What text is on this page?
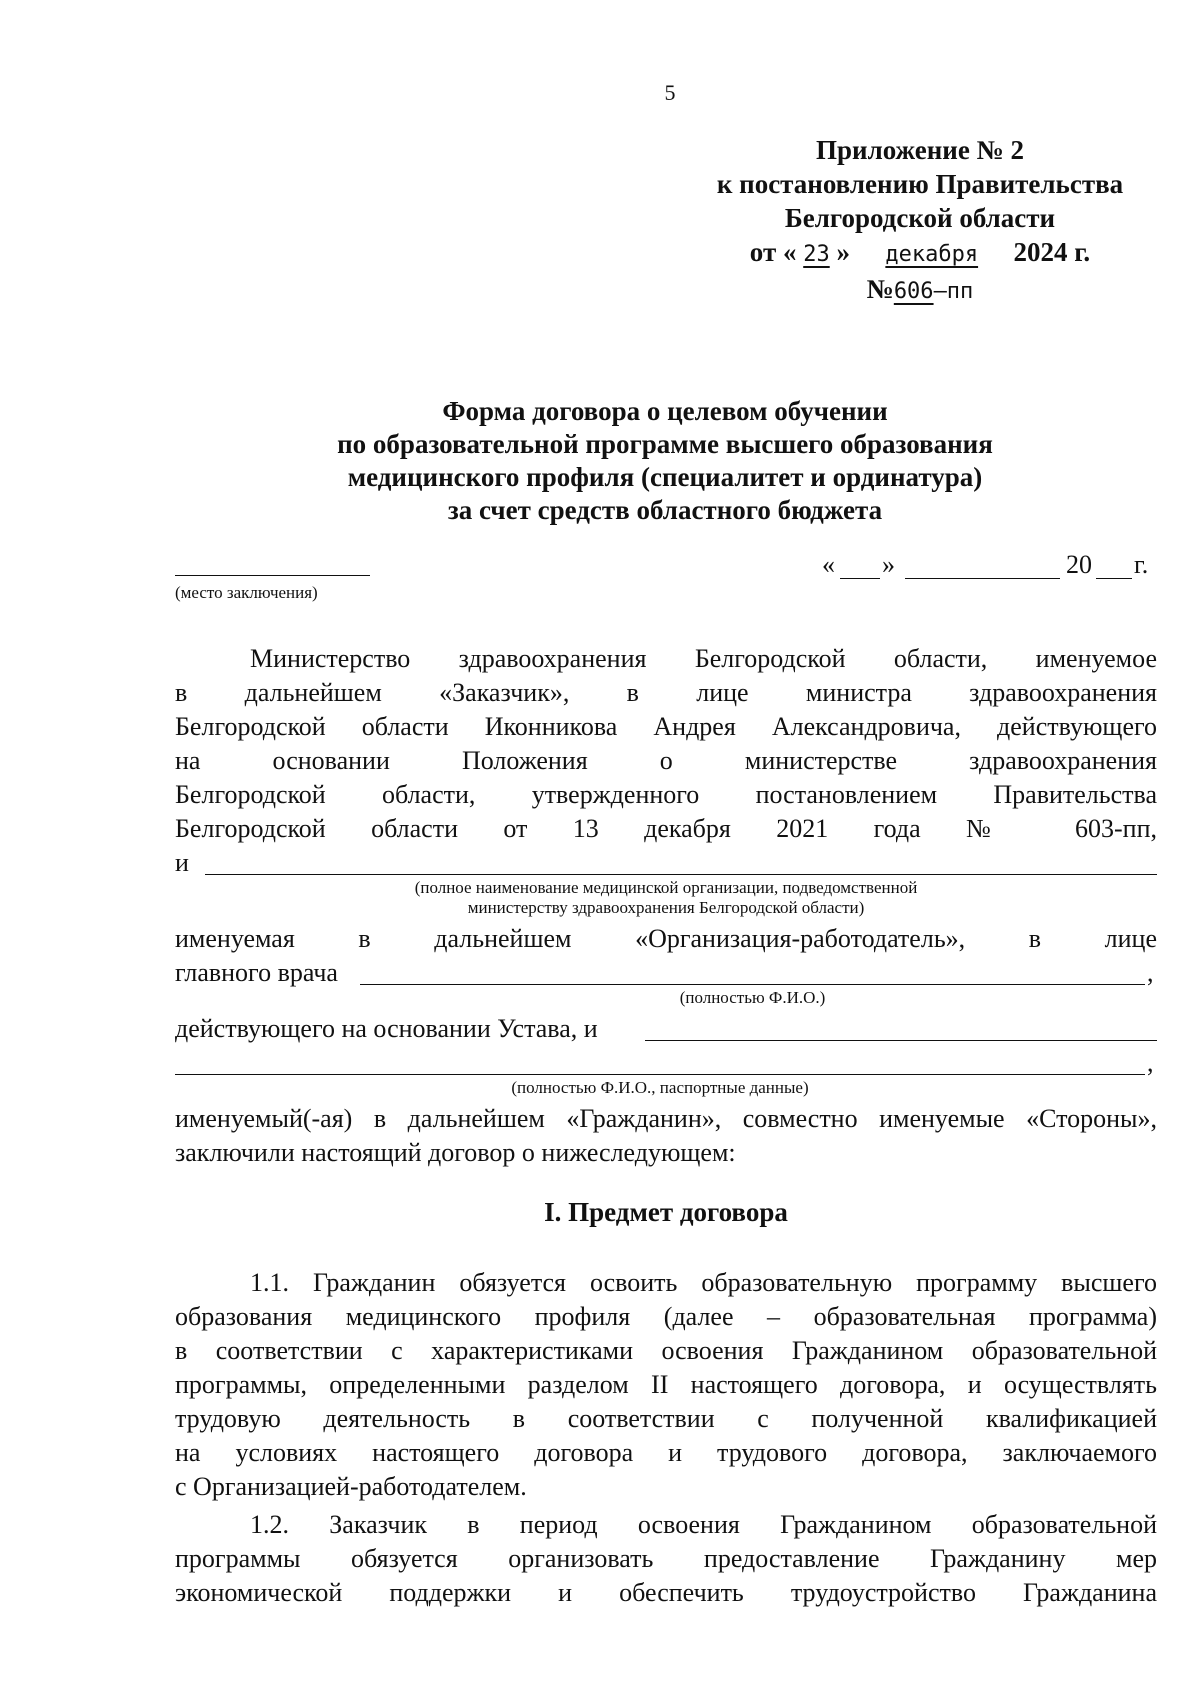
5
Приложение № 2
к постановлению Правительства
Белгородской области
от « 23 » декабря 2024 г.
№606–пп
Форма договора о целевом обучении
по образовательной программе высшего образования
медицинского профиля (специалитет и ординатура)
за счет средств областного бюджета
(место заключения)
« »	20 г.
Министерство здравоохранения Белгородской области, именуемое
в дальнейшем «Заказчик», в лице министра здравоохранения
Белгородской области Иконникова Андрея Александровича, действующего
на основании Положения о министерстве здравоохранения
Белгородской области, утвержденного постановлением Правительства
Белгородской области от 13 декабря 2021 года № 603-пп,
и
(полное наименование медицинской организации, подведомственной
министерству здравоохранения Белгородской области)
именуемая в дальнейшем «Организация-работодатель», в лице
главного врача	,
(полностью Ф.И.О.)
действующего на основании Устава, и
,
(полностью Ф.И.О., паспортные данные)
именуемый(-ая) в дальнейшем «Гражданин», совместно именуемые «Стороны»,
заключили настоящий договор о нижеследующем:
I. Предмет договора
1.1. Гражданин обязуется освоить образовательную программу высшего
образования медицинского профиля (далее – образовательная программа)
в соответствии с характеристиками освоения Гражданином образовательной
программы, определенными разделом II настоящего договора, и осуществлять
трудовую деятельность в соответствии с полученной квалификацией
на условиях настоящего договора и трудового договора, заключаемого
с Организацией-работодателем.
1.2. Заказчик в период освоения Гражданином образовательной
программы обязуется организовать предоставление Гражданину мер
экономической поддержки и обеспечить трудоустройство Гражданина
